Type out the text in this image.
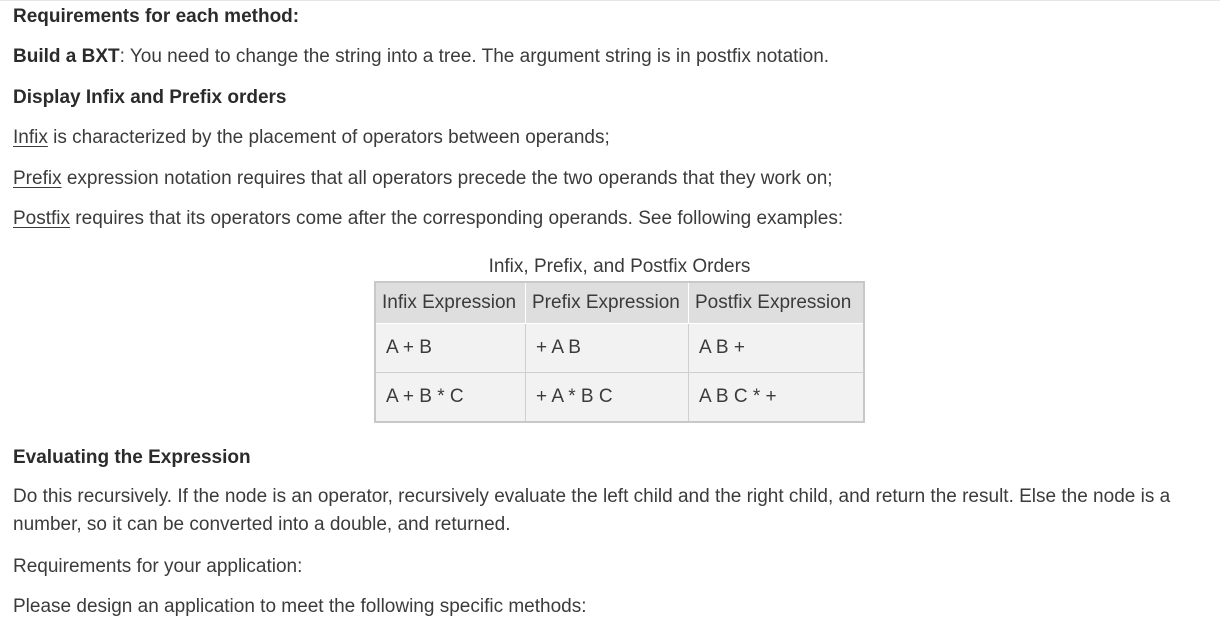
Requirements for each method:
Build a BXT: You need to change the string into a tree. The argument string is in postfix notation.
Display Infix and Prefix orders
Infix is characterized by the placement of operators between operands;
Prefix expression notation requires that all operators precede the two operands that they work on;
Postfix requires that its operators come after the corresponding operands. See following examples:
Infix, Prefix, and Postfix Orders
Infix Expression	Prefix Expression	Postfix Expression
A + B	+ A B	A B +
A + B * C	+ A * B C	A B C * +
Evaluating the Expression
Do this recursively. If the node is an operator, recursively evaluate the left child and the right child, and return the result. Else the node is a number, so it can be converted into a double, and returned.
Requirements for your application:
Please design an application to meet the following specific methods:
